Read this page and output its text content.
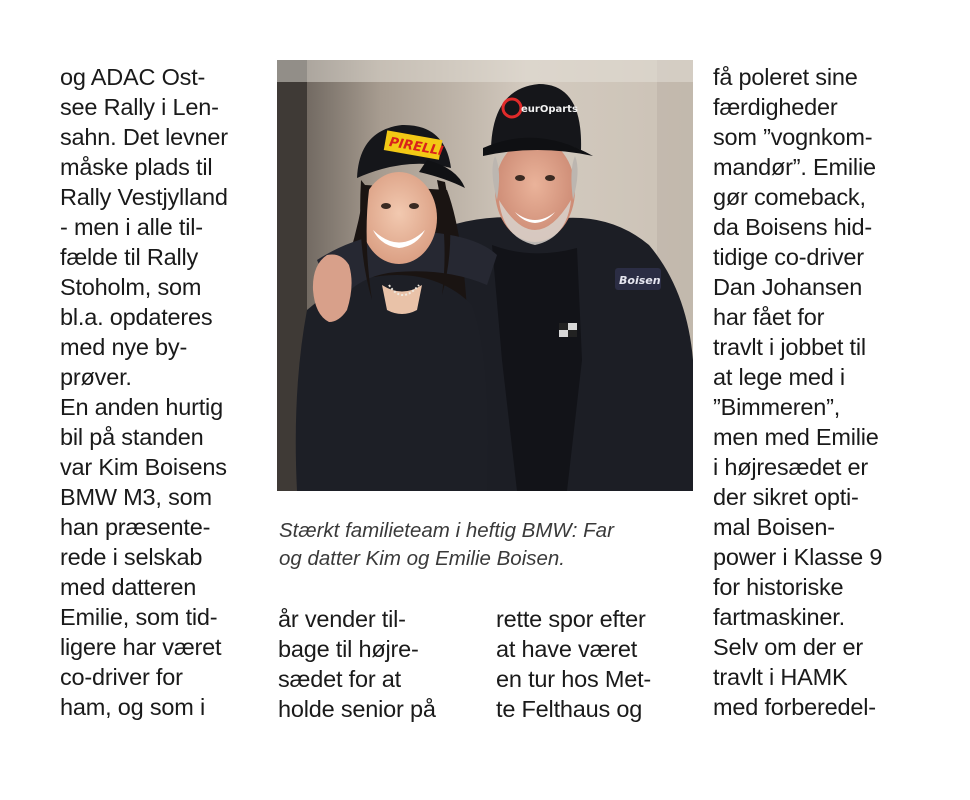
og ADAC Ost-
see Rally i Len-
sahn. Det levner
måske plads til
Rally Vestjylland
- men i alle til-
fælde til Rally
Stoholm, som
bl.a. opdateres
med nye by-
prøver.
En anden hurtig
bil på standen
var Kim Boisens
BMW M3, som
han præsente-
rede i selskab
med datteren
Emilie, som tid-
ligere har været
co-driver for
ham, og som i

Boisen
PIRELLI
eurOparts

Stærkt familieteam i heftig BMW: Far
og datter Kim og Emilie Boisen.

år vender til-
bage til højre-
sædet for at
holde senior på

rette spor efter
at have været
en tur hos Met-
te Felthaus og

få poleret sine
færdigheder
som ”vognkom-
mandør”. Emilie
gør comeback,
da Boisens hid-
tidige co-driver
Dan Johansen
har fået for
travlt i jobbet til
at lege med i
”Bimmeren”,
men med Emilie
i højresædet er
der sikret opti-
mal Boisen-
power i Klasse 9
for historiske
fartmaskiner.
Selv om der er
travlt i HAMK
med forberedel-
